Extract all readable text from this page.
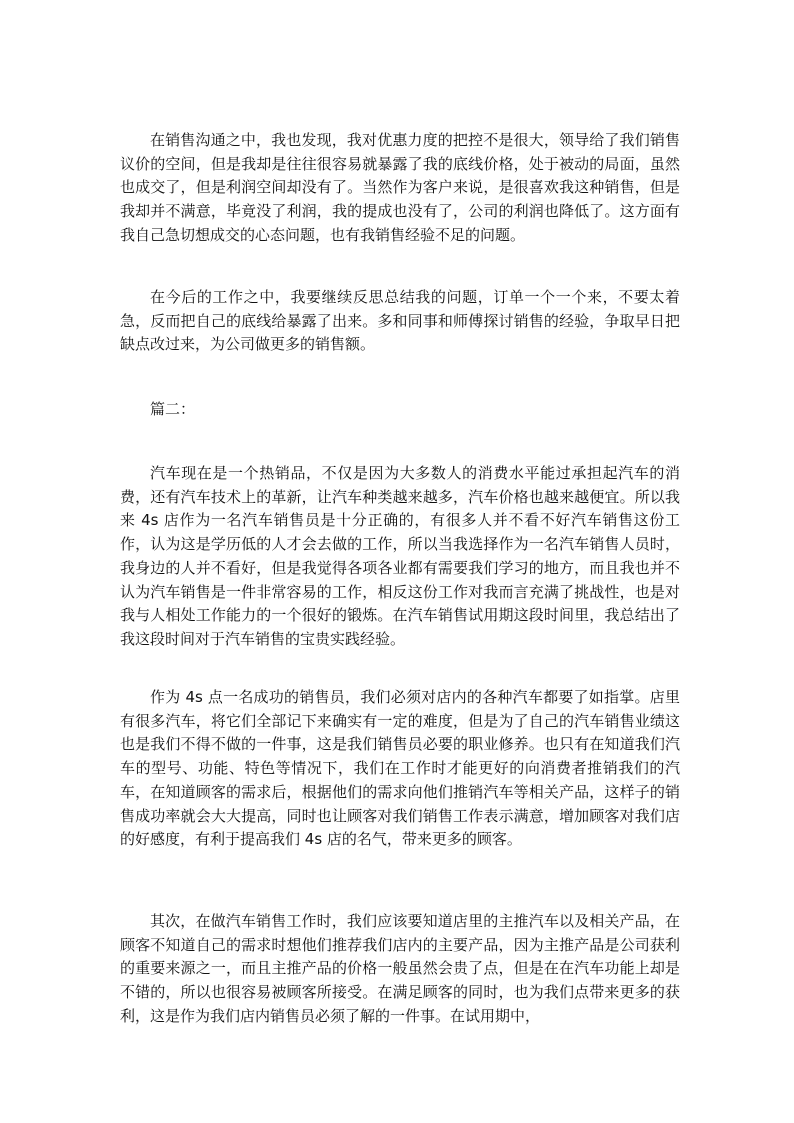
在销售沟通之中，我也发现，我对优惠力度的把控不是很大，领导给了我们销售议价的空间，但是我却是往往很容易就暴露了我的底线价格，处于被动的局面，虽然也成交了，但是利润空间却没有了。当然作为客户来说，是很喜欢我这种销售，但是我却并不满意，毕竟没了利润，我的提成也没有了，公司的利润也降低了。这方面有我自己急切想成交的心态问题，也有我销售经验不足的问题。

在今后的工作之中，我要继续反思总结我的问题，订单一个一个来，不要太着急，反而把自己的底线给暴露了出来。多和同事和师傅探讨销售的经验，争取早日把缺点改过来，为公司做更多的销售额。

篇二：

汽车现在是一个热销品，不仅是因为大多数人的消费水平能过承担起汽车的消费，还有汽车技术上的革新，让汽车种类越来越多，汽车价格也越来越便宜。所以我来 4s 店作为一名汽车销售员是十分正确的，有很多人并不看不好汽车销售这份工作，认为这是学历低的人才会去做的工作，所以当我选择作为一名汽车销售人员时，我身边的人并不看好，但是我觉得各项各业都有需要我们学习的地方，而且我也并不认为汽车销售是一件非常容易的工作，相反这份工作对我而言充满了挑战性，也是对我与人相处工作能力的一个很好的锻炼。在汽车销售试用期这段时间里，我总结出了我这段时间对于汽车销售的宝贵实践经验。

作为 4s 点一名成功的销售员，我们必须对店内的各种汽车都要了如指掌。店里有很多汽车，将它们全部记下来确实有一定的难度，但是为了自己的汽车销售业绩这也是我们不得不做的一件事，这是我们销售员必要的职业修养。也只有在知道我们汽车的型号、功能、特色等情况下，我们在工作时才能更好的向消费者推销我们的汽车，在知道顾客的需求后，根据他们的需求向他们推销汽车等相关产品，这样子的销售成功率就会大大提高，同时也让顾客对我们销售工作表示满意，增加顾客对我们店的好感度，有利于提高我们 4s 店的名气，带来更多的顾客。

其次，在做汽车销售工作时，我们应该要知道店里的主推汽车以及相关产品，在顾客不知道自己的需求时想他们推荐我们店内的主要产品，因为主推产品是公司获利的重要来源之一，而且主推产品的价格一般虽然会贵了点，但是在在汽车功能上却是不错的，所以也很容易被顾客所接受。在满足顾客的同时，也为我们点带来更多的获利，这是作为我们店内销售员必须了解的一件事。在试用期中，
